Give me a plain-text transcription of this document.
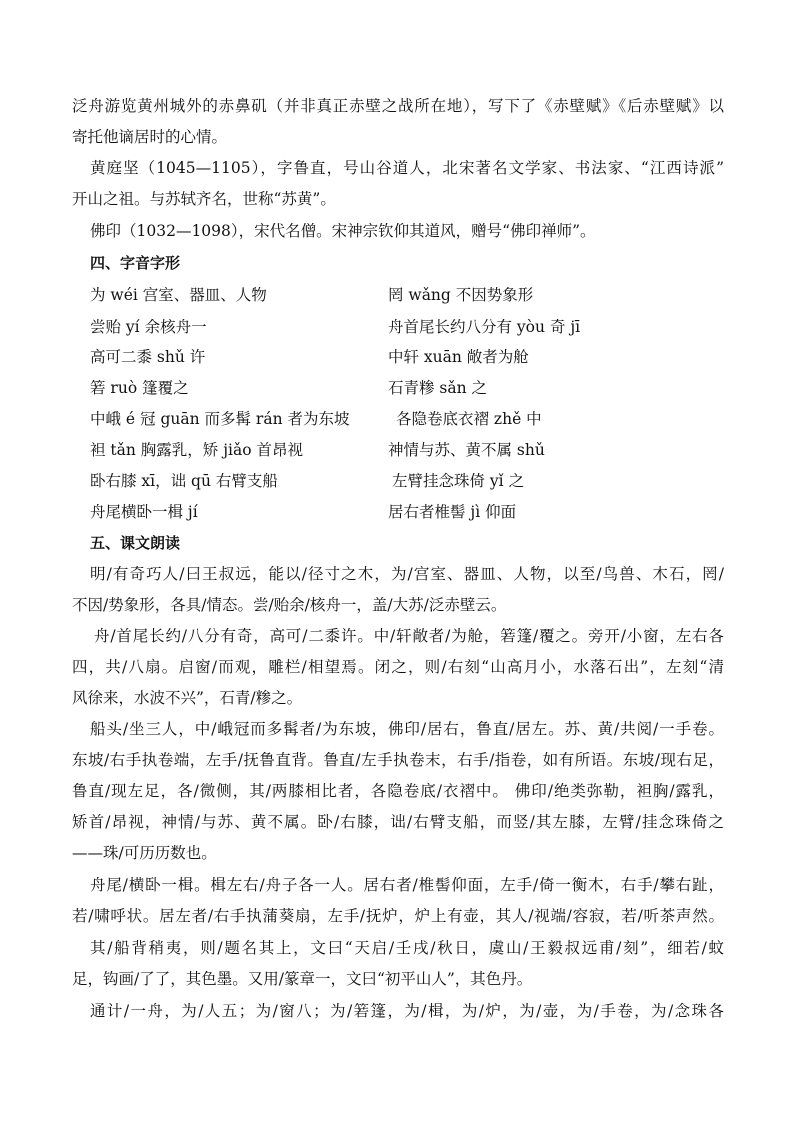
泛舟游览黄州城外的赤鼻矶（并非真正赤壁之战所在地），写下了《赤壁赋》《后赤壁赋》以
寄托他谪居时的心情。
黄庭坚（1045—1105），字鲁直，号山谷道人，北宋著名文学家、书法家、“江西诗派”
开山之祖。与苏轼齐名，世称“苏黄”。
佛印（1032—1098），宋代名僧。宋神宗钦仰其道风，赠号“佛印禅师”。
四、字音字形
为 wéi 宫室、器皿、人物	罔 wǎng 不因势象形
尝贻 yí 余核舟一	舟首尾长约八分有 yòu 奇 jī
高可二黍 shǔ 许	中轩 xuān 敞者为舱
箬 ruò 篷覆之	石青糁 sǎn 之
中峨 é 冠 guān 而多髯 rán 者为东坡	各隐卷底衣褶 zhě 中
袒 tǎn 胸露乳，矫 jiǎo 首昂视	神情与苏、黄不属 shǔ
卧右膝 xī，诎 qū 右臂支船	左臂挂念珠倚 yǐ 之
舟尾横卧一楫 jí	居右者椎髻 jì 仰面
五、课文朗读
明/有奇巧人/曰王叔远，能以/径寸之木，为/宫室、器皿、人物，以至/鸟兽、木石，罔/
不因/势象形，各具/情态。尝/贻余/核舟一，盖/大苏/泛赤壁云。
舟/首尾长约/八分有奇，高可/二黍许。中/轩敞者/为舱，箬篷/覆之。旁开/小窗，左右各
四，共/八扇。启窗/而观，雕栏/相望焉。闭之，则/右刻“山高月小，水落石出”，左刻“清
风徐来，水波不兴”，石青/糁之。
船头/坐三人，中/峨冠而多髯者/为东坡，佛印/居右，鲁直/居左。苏、黄/共阅/一手卷。
东坡/右手执卷端，左手/抚鲁直背。鲁直/左手执卷末，右手/指卷，如有所语。东坡/现右足，
鲁直/现左足，各/微侧，其/两膝相比者，各隐卷底/衣褶中。 佛印/绝类弥勒，袒胸/露乳，
矫首/昂视，神情/与苏、黄不属。卧/右膝，诎/右臂支船，而竖/其左膝，左臂/挂念珠倚之
——珠/可历历数也。
舟尾/横卧一楫。楫左右/舟子各一人。居右者/椎髻仰面，左手/倚一衡木，右手/攀右趾，
若/啸呼状。居左者/右手执蒲葵扇，左手/抚炉，炉上有壶，其人/视端/容寂，若/听茶声然。
其/船背稍夷，则/题名其上，文曰“天启/壬戌/秋日，虞山/王毅叔远甫/刻”，细若/蚊
足，钩画/了了，其色墨。又用/篆章一，文曰“初平山人”，其色丹。
通计/一舟，为/人五；为/窗八；为/箬篷，为/楫，为/炉，为/壶，为/手卷，为/念珠各
